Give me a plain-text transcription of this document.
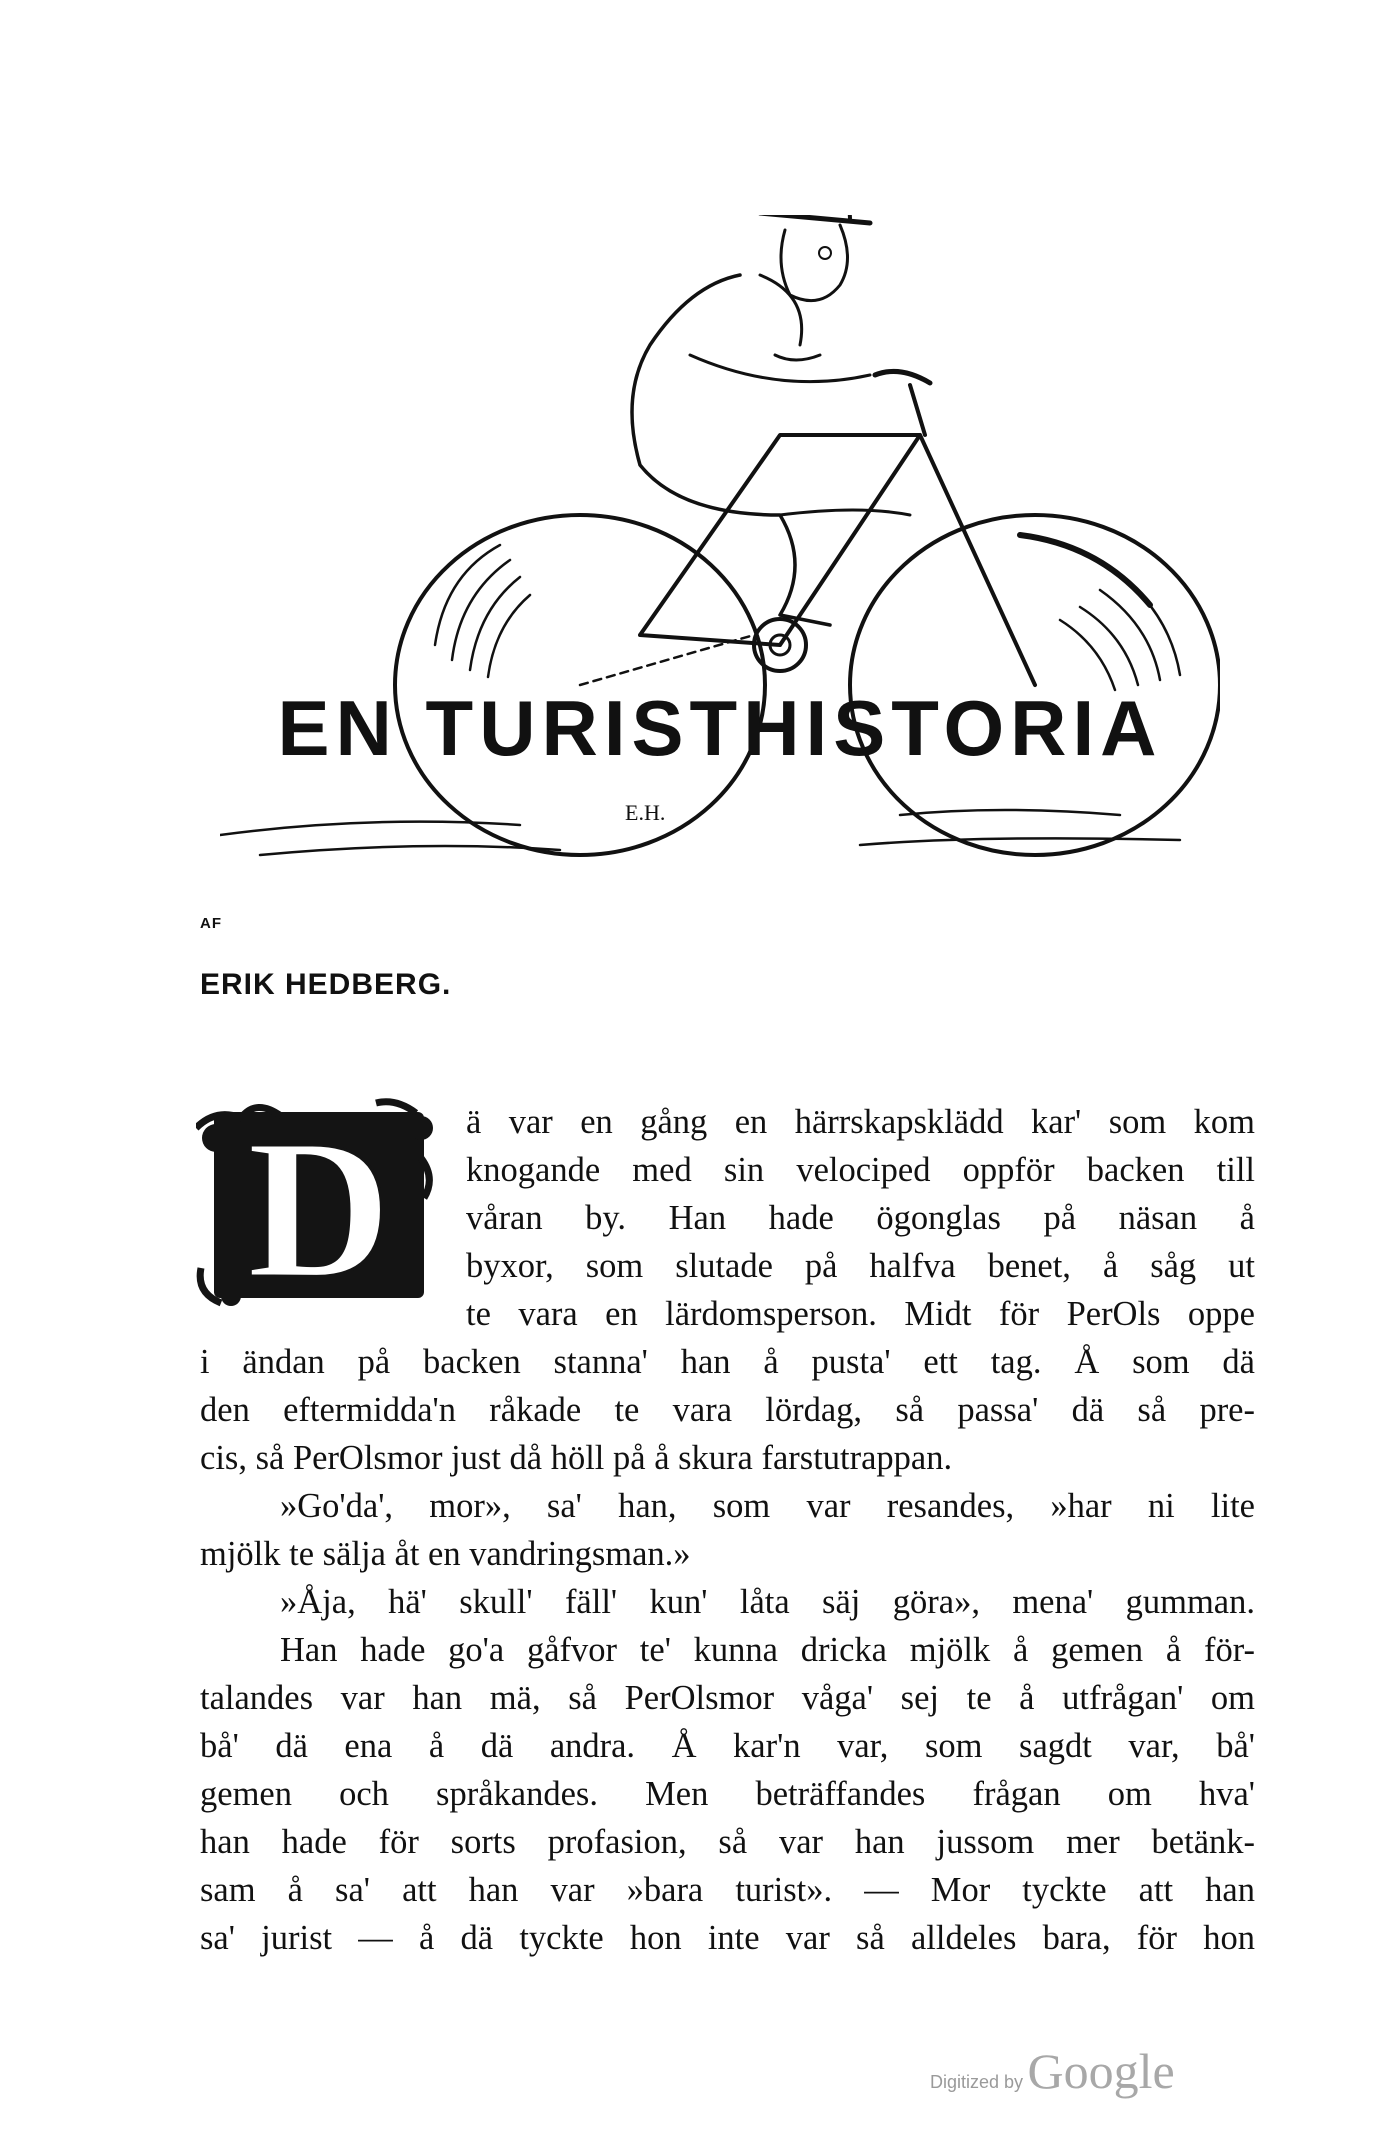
EN TURISTHISTORIA
E.H.
AF
ERIK HEDBERG.
D ä var en gång en härrskapsklädd kar' som kom
knogande med sin velociped oppför backen till
våran by. Han hade ögonglas på näsan å
byxor, som slutade på halfva benet, å såg ut
te vara en lärdomsperson. Midt för PerOls oppe
i ändan på backen stanna' han å pusta' ett tag. Å som dä
den eftermidda'n råkade te vara lördag, så passa' dä så pre-
cis, så PerOlsmor just då höll på å skura farstutrappan.
»Go'da', mor», sa' han, som var resandes, »har ni lite
mjölk te sälja åt en vandringsman.»
»Åja, hä' skull' fäll' kun' låta säj göra», mena' gumman.
Han hade go'a gåfvor te' kunna dricka mjölk å gemen å för-
talandes var han mä, så PerOlsmor våga' sej te å utfrågan' om
bå' dä ena å dä andra. Å kar'n var, som sagdt var, bå'
gemen och språkandes. Men beträffandes frågan om hva'
han hade för sorts profasion, så var han jussom mer betänk-
sam å sa' att han var »bara turist». — Mor tyckte att han
sa' jurist — å dä tyckte hon inte var så alldeles bara, för hon
Digitized by Google
